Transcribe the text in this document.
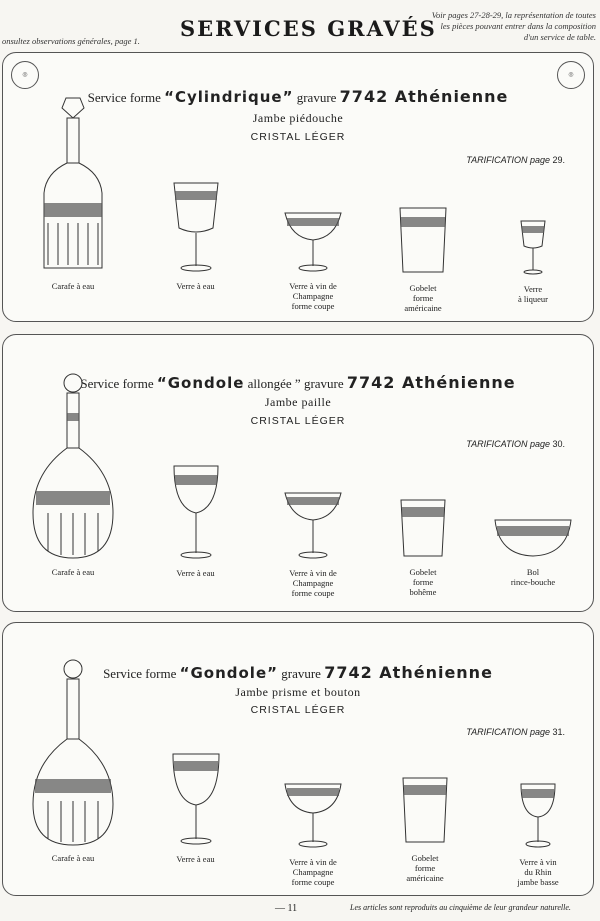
onsultez observations générales, page 1. SERVICES GRAVÉS
Voir pages 27-28-29, la représentation de toutes les pièces pouvant entrer dans la composition d'un service de table.
◎	◎
Service forme “Cylindrique” gravure 7742 Athénienne
Jambe piédouche
CRISTAL LÉGER
TARIFICATION page 29.
Carafe à eau	Verre à eau	Verre à vin de
Champagne
forme coupe
Gobelet
forme
américaine
Verre
à liqueur
Service forme “Gondole allongée ” gravure 7742 Athénienne
Jambe paille
CRISTAL LÉGER
TARIFICATION page 30.
Carafe à eau	Verre à eau	Verre à vin de
Champagne
forme coupe
Gobelet
forme
bohême
Bol
rince-bouche
Service forme “Gondole” gravure 7742 Athénienne
Jambe prisme et bouton
CRISTAL LÉGER
TARIFICATION page 31.
Carafe à eau	Verre à eau	Verre à vin de
Champagne
forme coupe
Gobelet
forme
américaine
Verre à vin
du Rhin
jambe basse
— 11	Les articles sont reproduits au cinquième de leur grandeur naturelle.
